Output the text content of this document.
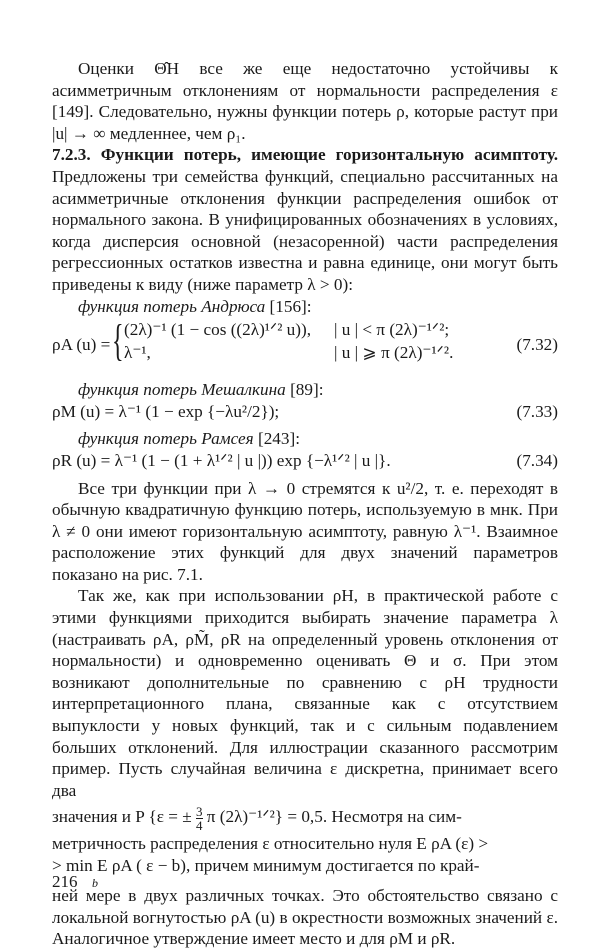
Оценки Θ̂H все же еще недостаточно устойчивы к асимметричным отклонениям от нормальности распределения ε [149]. Следовательно, нужны функции потерь ρ, которые растут при |u| → ∞ медленнее, чем ρ₁.

7.2.3. Функции потерь, имеющие горизонтальную асимптоту. Предложены три семейства функций, специально рассчитанных на асимметричные отклонения функции распределения ошибок от нормального закона. В унифицированных обозначениях в условиях, когда дисперсия основной (незасоренной) части распределения регрессионных остатков известна и равна единице, они могут быть приведены к виду (ниже параметр λ > 0):

функция потерь Андрюса [156]:

ρA (u) = { (2λ)⁻¹ (1 − cos ((2λ)¹ᐟ² u)), | u | < π (2λ)⁻¹ᐟ²;
λ⁻¹,	| u | ⩾ π (2λ)⁻¹ᐟ².	(7.32)

функция потерь Мешалкина [89]:

ρM (u) = λ⁻¹ (1 − exp {−λu²/2});	(7.33)

функция потерь Рамсея [243]:

ρR (u) = λ⁻¹ (1 − (1 + λ¹ᐟ² | u |)) exp {−λ¹ᐟ² | u |}.	(7.34)

Все три функции при λ → 0 стремятся к u²/2, т. е. переходят в обычную квадратичную функцию потерь, используемую в мнк. При λ ≠ 0 они имеют горизонтальную асимптоту, равную λ⁻¹. Взаимное расположение этих функций для двух значений параметров показано на рис. 7.1.

Так же, как при использовании ρH, в практической работе с этими функциями приходится выбирать значение параметра λ (настраивать ρA, ρM̃, ρR на определенный уровень отклонения от нормальности) и одновременно оценивать Θ и σ. При этом возникают дополнительные по сравнению с ρH трудности интерпретационного плана, связанные как с отсутствием выпуклости у новых функций, так и с сильным подавлением больших отклонений. Для иллюстрации сказанного рассмотрим пример. Пусть случайная величина ε дискретна, принимает всего два

значения и P {ε = ± $\frac{3}{4}$ π (2λ)⁻¹ᐟ²} = 0,5. Несмотря на сим-

метричность распределения ε относительно нуля E ρA (ε) >

> min E ρA ( ε − b), причем минимум достигается по край-
b

ней мере в двух различных точках. Это обстоятельство связано с локальной вогнутостью ρA (u) в окрестности возможных значений ε. Аналогичное утверждение имеет место и для ρM и ρR.

216
